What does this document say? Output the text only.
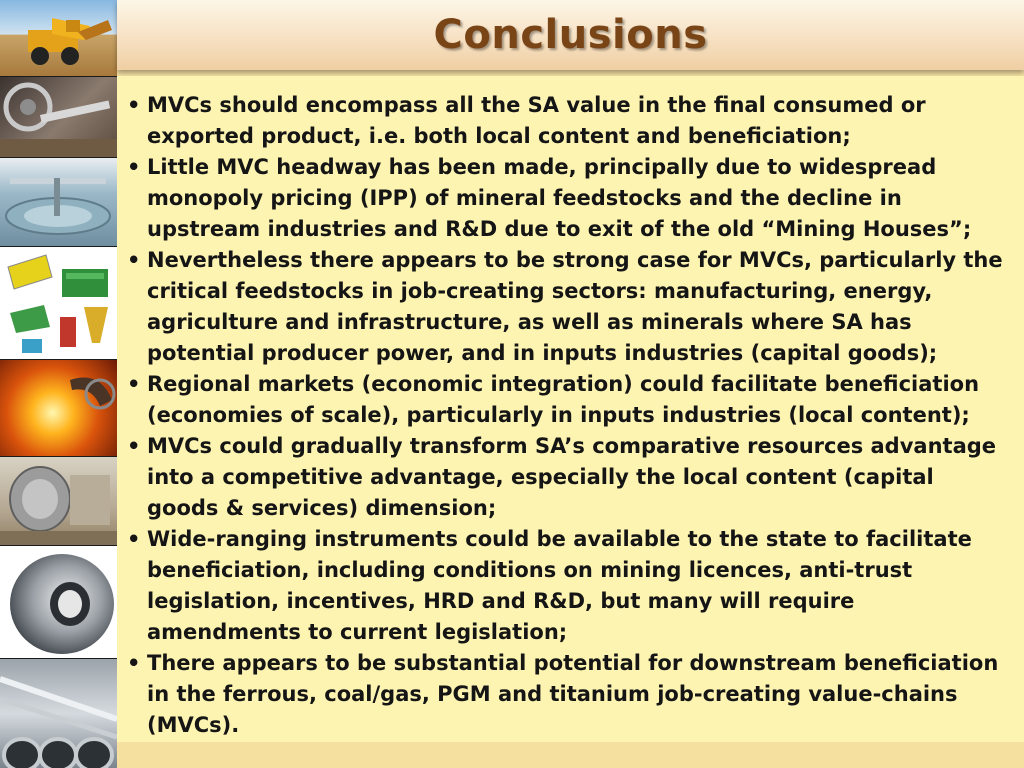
Conclusions
• MVCs should encompass all the SA value in the final consumed or exported product, i.e. both local content and beneficiation;
• Little MVC headway has been made, principally due to widespread monopoly pricing (IPP) of mineral feedstocks and the decline in upstream industries and R&D due to exit of the old “Mining Houses”;
• Nevertheless there appears to be strong case for MVCs, particularly the critical feedstocks in job-creating sectors: manufacturing, energy, agriculture and infrastructure, as well as minerals where SA has potential producer power, and in inputs industries (capital goods);
• Regional markets (economic integration) could facilitate beneficiation (economies of scale), particularly in inputs industries (local content);
• MVCs could gradually transform SA’s comparative resources advantage into a competitive advantage, especially the local content (capital goods & services) dimension;
• Wide-ranging instruments could be available to the state to facilitate beneficiation, including conditions on mining licences, anti-trust legislation, incentives, HRD and R&D, but many will require amendments to current legislation;
• There appears to be substantial potential for downstream beneficiation in the ferrous, coal/gas, PGM and titanium job-creating value-chains (MVCs).
